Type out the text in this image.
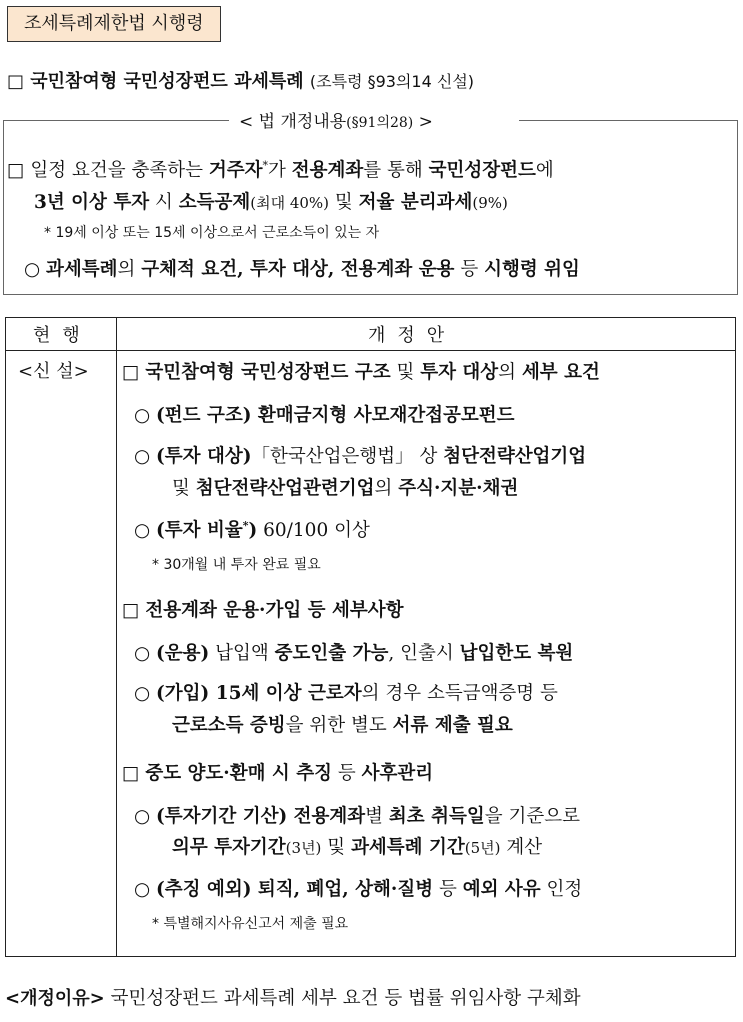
조세특례제한법 시행령
□ 국민참여형 국민성장펀드 과세특례 (조특령 §93의14 신설)
< 법 개정내용(§91의28) >
□ 일정 요건을 충족하는 거주자*가 전용계좌를 통해 국민성장펀드에
3년 이상 투자 시 소득공제(최대 40%) 및 저율 분리과세(9%)
* 19세 이상 또는 15세 이상으로서 근로소득이 있는 자
○ 과세특례의 구체적 요건, 투자 대상, 전용계좌 운용 등 시행령 위임
현행	개정안
<신 설> □ 국민참여형 국민성장펀드 구조 및 투자 대상의 세부 요건
○ (펀드 구조) 환매금지형 사모재간접공모펀드
○ (투자 대상)「한국산업은행법」 상 첨단전략산업기업
및 첨단전략산업관련기업의 주식·지분·채권
○ (투자 비율*) 60/100 이상
* 30개월 내 투자 완료 필요
□ 전용계좌 운용·가입 등 세부사항
○ (운용) 납입액 중도인출 가능, 인출시 납입한도 복원
○ (가입) 15세 이상 근로자의 경우 소득금액증명 등
근로소득 증빙을 위한 별도 서류 제출 필요
□ 중도 양도·환매 시 추징 등 사후관리
○ (투자기간 기산) 전용계좌별 최초 취득일을 기준으로
의무 투자기간(3년) 및 과세특례 기간(5년) 계산
○ (추징 예외) 퇴직, 폐업, 상해·질병 등 예외 사유 인정
* 특별해지사유신고서 제출 필요
<개정이유> 국민성장펀드 과세특례 세부 요건 등 법률 위임사항 구체화
